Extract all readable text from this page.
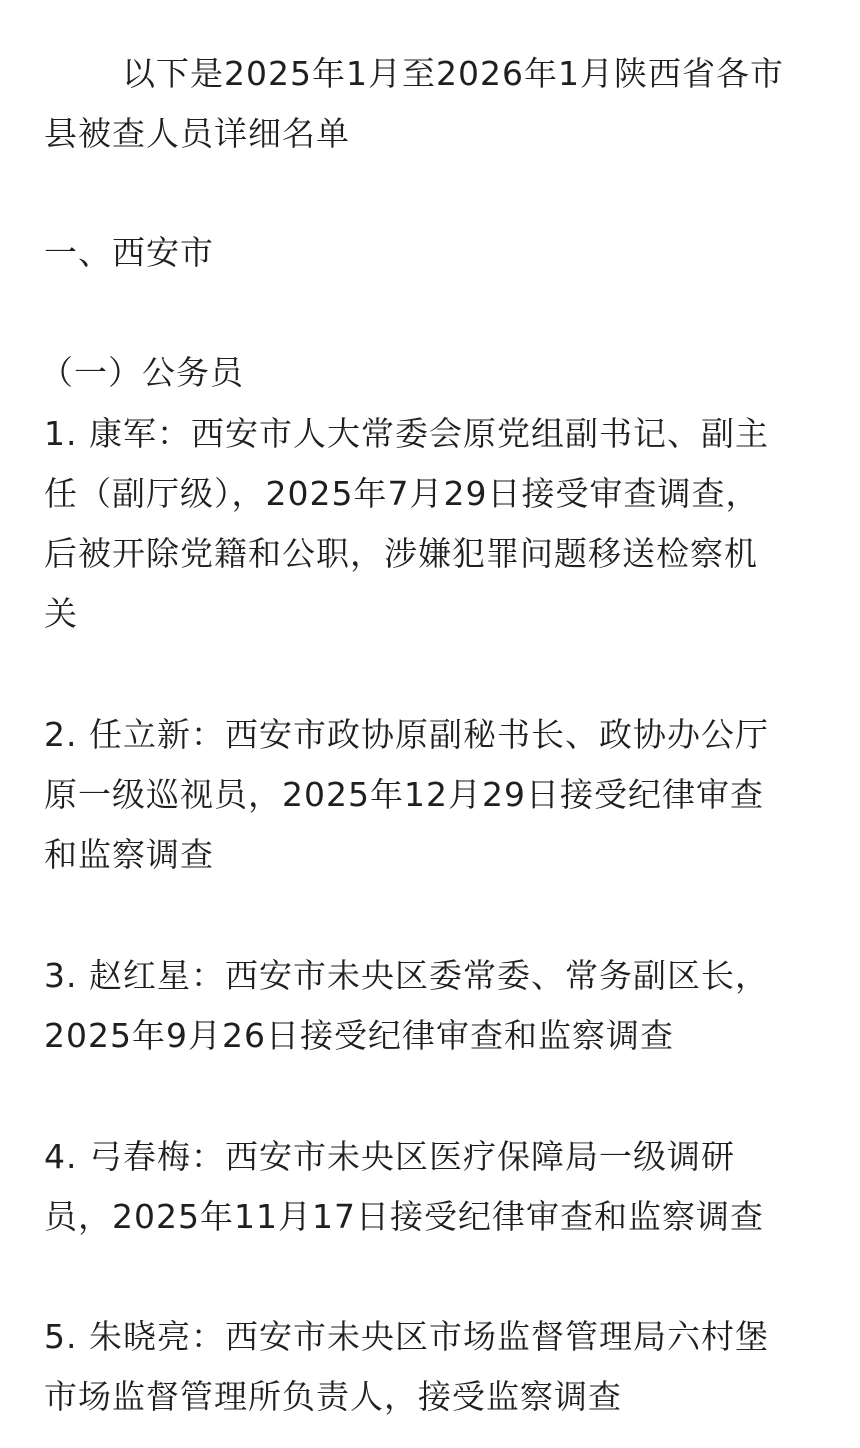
以下是2025年1月至2026年1月陕西省各市
县被查人员详细名单
一、西安市
（一）公务员
1. 康军：西安市人大常委会原党组副书记、副主
任（副厅级），2025年7月29日接受审查调查，
后被开除党籍和公职，涉嫌犯罪问题移送检察机
关
2. 任立新：西安市政协原副秘书长、政协办公厅
原一级巡视员，2025年12月29日接受纪律审查
和监察调查
3. 赵红星：西安市未央区委常委、常务副区长，
2025年9月26日接受纪律审查和监察调查
4. 弓春梅：西安市未央区医疗保障局一级调研
员，2025年11月17日接受纪律审查和监察调查
5. 朱晓亮：西安市未央区市场监督管理局六村堡
市场监督管理所负责人，接受监察调查
